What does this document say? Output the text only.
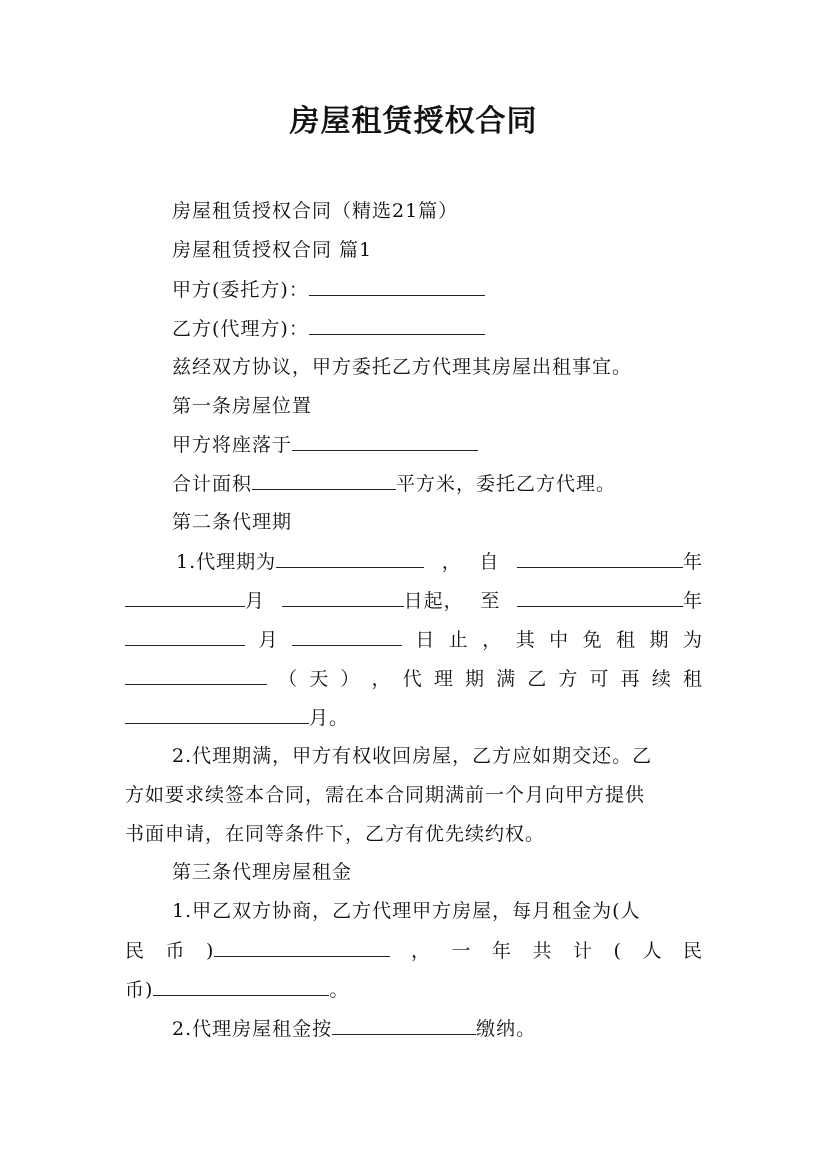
房屋租赁授权合同
房屋租赁授权合同（精选21篇）
房屋租赁授权合同 篇1
甲方(委托方)：
乙方(代理方)：
兹经双方协议，甲方委托乙方代理其房屋出租事宜。
第一条房屋位置
甲方将座落于
合计面积	平方米，委托乙方代理。
第二条代理期
1.代理期为	， 自	年
月	日起， 至	年
月	日 止 ， 其 中 免 租 期 为
（ 天 ） ， 代 理 期 满 乙 方 可 再 续 租
月。
2.代理期满，甲方有权收回房屋，乙方应如期交还。乙
方如要求续签本合同，需在本合同期满前一个月向甲方提供
书面申请，在同等条件下，乙方有优先续约权。
第三条代理房屋租金
1.甲乙双方协商，乙方代理甲方房屋，每月租金为(人
民 币 )	， 一 年 共 计 ( 人 民
币)	。
2.代理房屋租金按	缴纳。
